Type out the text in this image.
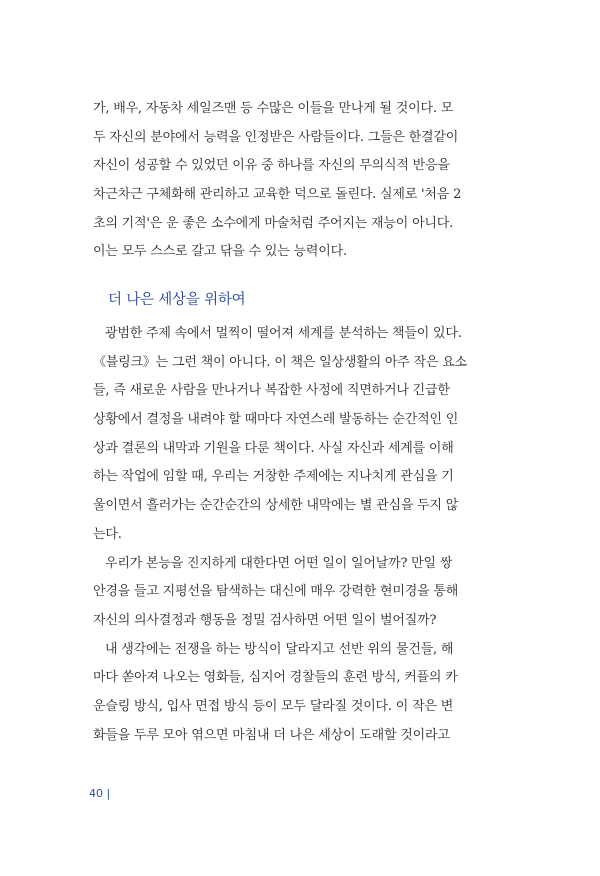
가, 배우, 자동차 세일즈맨 등 수많은 이들을 만나게 될 것이다. 모
두 자신의 분야에서 능력을 인정받은 사람들이다. 그들은 한결같이
자신이 성공할 수 있었던 이유 중 하나를 자신의 무의식적 반응을
차근차근 구체화해 관리하고 교육한 덕으로 돌린다. 실제로 '처음 2
초의 기적'은 운 좋은 소수에게 마술처럼 주어지는 재능이 아니다.
이는 모두 스스로 갈고 닦을 수 있는 능력이다.
더 나은 세상을 위하여
광범한 주제 속에서 멀찍이 떨어져 세계를 분석하는 책들이 있다.
《블링크》는 그런 책이 아니다. 이 책은 일상생활의 아주 작은 요소
들, 즉 새로운 사람을 만나거나 복잡한 사정에 직면하거나 긴급한
상황에서 결정을 내려야 할 때마다 자연스레 발동하는 순간적인 인
상과 결론의 내막과 기원을 다룬 책이다. 사실 자신과 세계를 이해
하는 작업에 임할 때, 우리는 거창한 주제에는 지나치게 관심을 기
울이면서 흘러가는 순간순간의 상세한 내막에는 별 관심을 두지 않
는다.
우리가 본능을 진지하게 대한다면 어떤 일이 일어날까? 만일 쌍
안경을 들고 지평선을 탐색하는 대신에 매우 강력한 현미경을 통해
자신의 의사결정과 행동을 정밀 검사하면 어떤 일이 벌어질까?
내 생각에는 전쟁을 하는 방식이 달라지고 선반 위의 물건들, 해
마다 쏟아져 나오는 영화들, 심지어 경찰들의 훈련 방식, 커플의 카
운슬링 방식, 입사 면접 방식 등이 모두 달라질 것이다. 이 작은 변
화들을 두루 모아 엮으면 마침내 더 나은 세상이 도래할 것이라고
40 |
